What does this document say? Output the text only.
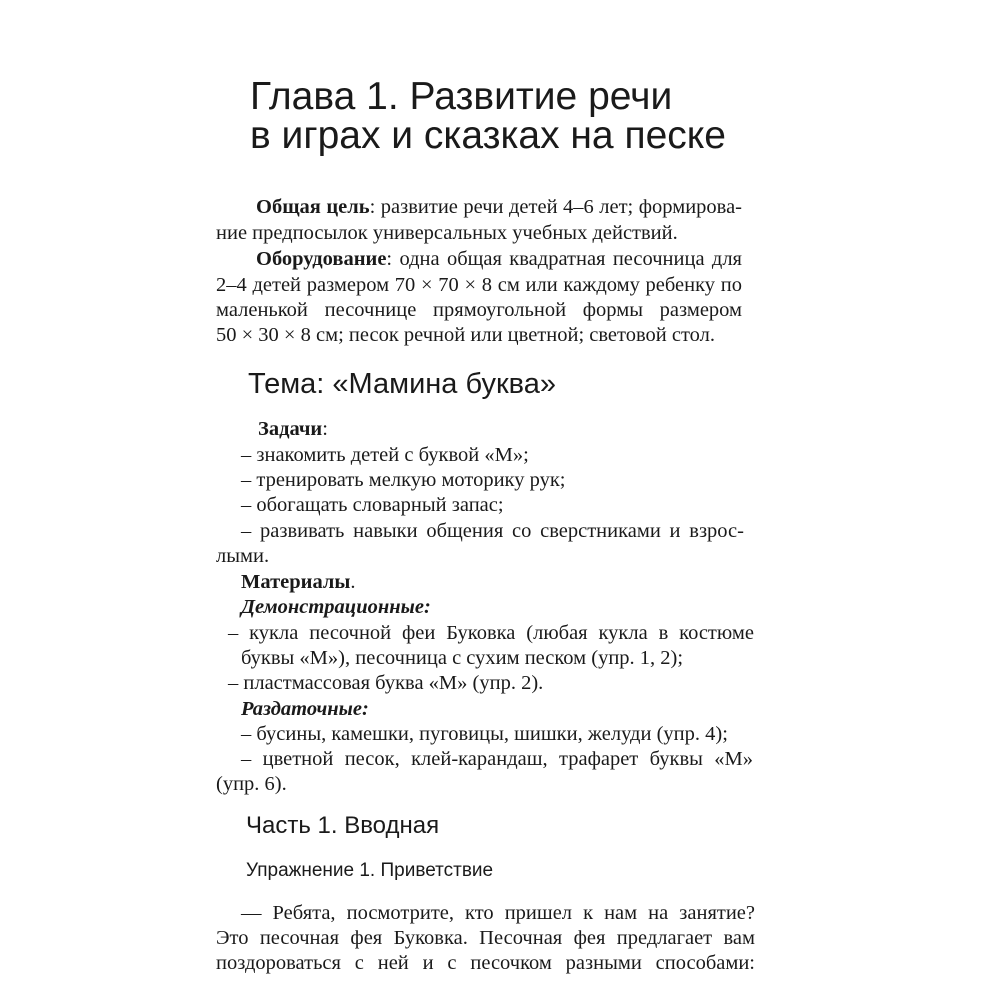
Глава 1. Развитие речи
в играх и сказках на песке
Общая цель: развитие речи детей 4–6 лет; формирова-
ние предпосылок универсальных учебных действий.
Оборудование: одна общая квадратная песочница для
2–4 детей размером 70 × 70 × 8 см или каждому ребенку по
маленькой песочнице прямоугольной формы размером
50 × 30 × 8 см; песок речной или цветной; световой стол.
Тема: «Мамина буква»
Задачи:
– знакомить детей с буквой «М»;
– тренировать мелкую моторику рук;
– обогащать словарный запас;
– развивать навыки общения со сверстниками и взрос-
лыми.
Материалы.
Демонстрационные:
– кукла песочной феи Буковка (любая кукла в костюме
буквы «М»), песочница с сухим песком (упр. 1, 2);
– пластмассовая буква «М» (упр. 2).
Раздаточные:
– бусины, камешки, пуговицы, шишки, желуди (упр. 4);
– цветной песок, клей-карандаш, трафарет буквы «М»
(упр. 6).
Часть 1. Вводная
Упражнение 1. Приветствие
— Ребята, посмотрите, кто пришел к нам на занятие?
Это песочная фея Буковка. Песочная фея предлагает вам
поздороваться с ней и с песочком разными способами:
